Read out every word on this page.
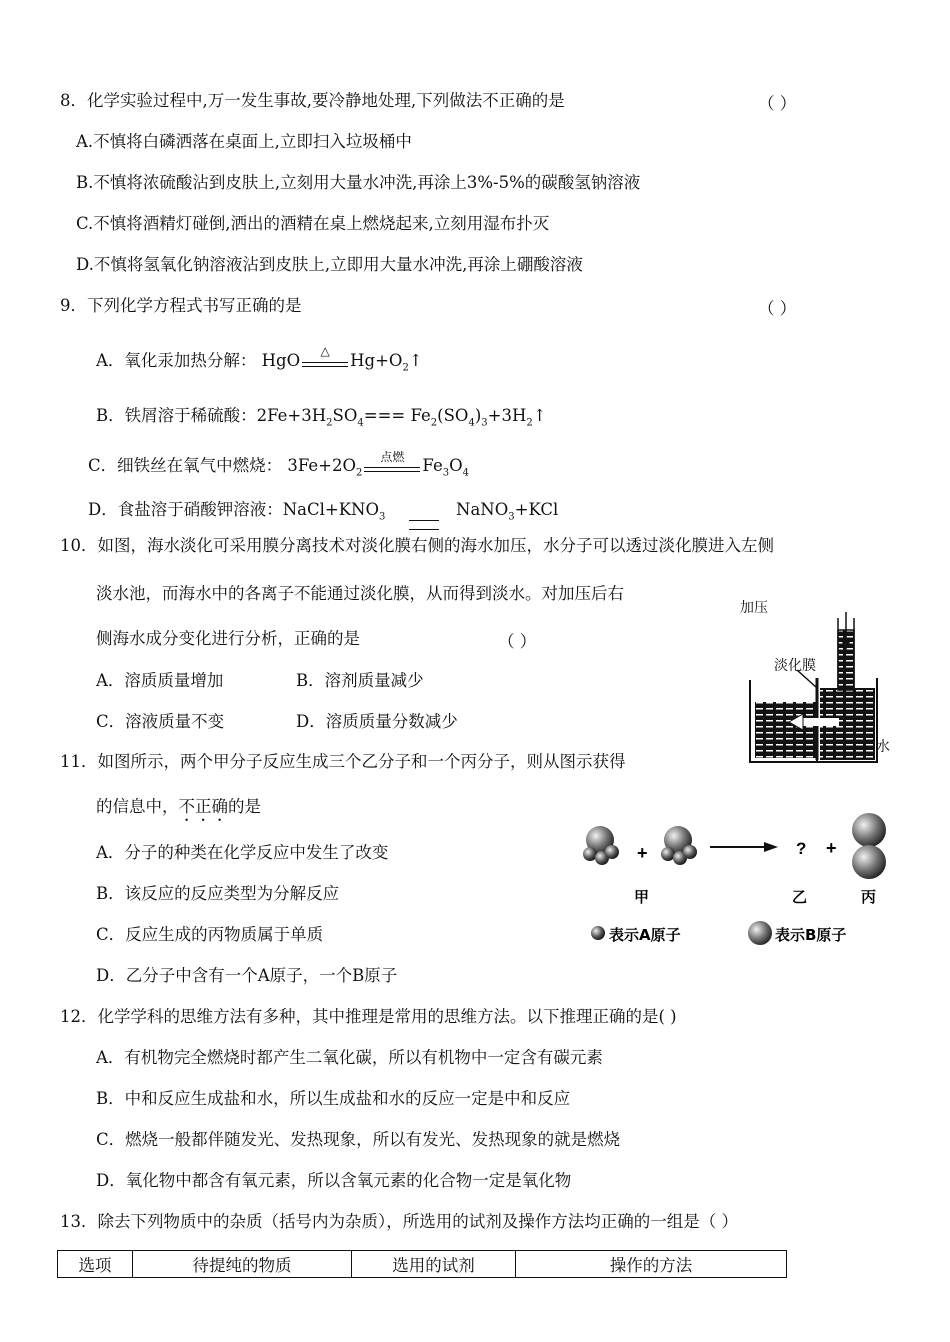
8．化学实验过程中,万一发生事故,要冷静地处理,下列做法不正确的是	（ ）
A.不慎将白磷洒落在桌面上,立即扫入垃圾桶中
B.不慎将浓硫酸沾到皮肤上,立刻用大量水冲洗,再涂上3%-5%的碳酸氢钠溶液
C.不慎将酒精灯碰倒,洒出的酒精在桌上燃烧起来,立刻用湿布扑灭
D.不慎将氢氧化钠溶液沾到皮肤上,立即用大量水冲洗,再涂上硼酸溶液
9．下列化学方程式书写正确的是	（ ）
A．氧化汞加热分解： HgO
△
$Hg+O_2↑$
B．铁屑溶于稀硫酸：$2Fe+3H_2SO_4===$ $Fe_2(SO_4)_3+3H_2↑$
C．细铁丝在氧气中燃烧： $3Fe+2O_2$
点燃	$Fe_3O_4$
D．食盐溶于硝酸钾溶液：$NaCl+KNO_3$	NaNO$_3$+KCl
10．如图，海水淡化可采用膜分离技术对淡化膜右侧的海水加压，水分子可以透过淡化膜进入左侧
淡水池，而海水中的各离子不能通过淡化膜，从而得到淡水。对加压后右
侧海水成分变化进行分析，正确的是	（ ）
A．溶质质量增加	B．溶剂质量减少
C．溶液质量不变	D．溶质质量分数减少
加压
淡化膜
水
11．如图所示，两个甲分子反应生成三个乙分子和一个丙分子，则从图示获得
的信息中，不正确的是
A．分子的种类在化学反应中发生了改变
B．该反应的反应类型为分解反应
C．反应生成的丙物质属于单质
D．乙分子中含有一个A原子，一个B原子
+	? +
甲	乙	丙
表示A原子	表示B原子
12．化学学科的思维方法有多种，其中推理是常用的思维方法。以下推理正确的是( )
A．有机物完全燃烧时都产生二氧化碳，所以有机物中一定含有碳元素
B．中和反应生成盐和水，所以生成盐和水的反应一定是中和反应
C．燃烧一般都伴随发光、发热现象，所以有发光、发热现象的就是燃烧
D．氧化物中都含有氧元素，所以含氧元素的化合物一定是氧化物
13．除去下列物质中的杂质（括号内为杂质），所选用的试剂及操作方法均正确的一组是（ ）
选项	待提纯的物质	选用的试剂	操作的方法
